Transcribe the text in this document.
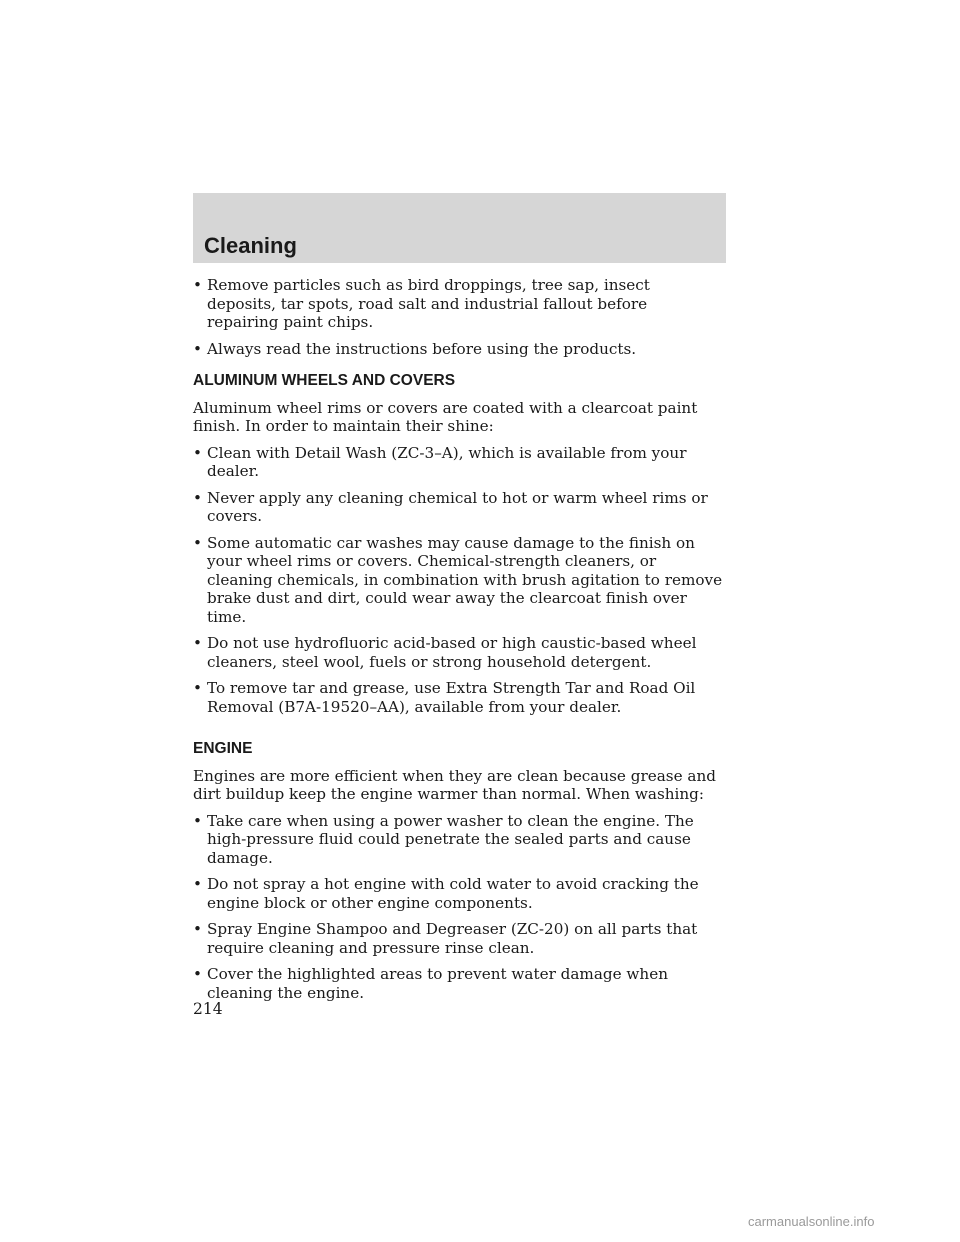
Cleaning
• Remove particles such as bird droppings, tree sap, insect deposits, tar spots, road salt and industrial fallout before repairing paint chips.
• Always read the instructions before using the products.
ALUMINUM WHEELS AND COVERS

Aluminum wheel rims or covers are coated with a clearcoat paint finish. In order to maintain their shine:

• Clean with Detail Wash (ZC-3–A), which is available from your dealer.
• Never apply any cleaning chemical to hot or warm wheel rims or covers.
• Some automatic car washes may cause damage to the finish on your wheel rims or covers. Chemical-strength cleaners, or cleaning chemicals, in combination with brush agitation to remove brake dust and dirt, could wear away the clearcoat finish over time.
• Do not use hydrofluoric acid-based or high caustic-based wheel cleaners, steel wool, fuels or strong household detergent.
• To remove tar and grease, use Extra Strength Tar and Road Oil Removal (B7A-19520–AA), available from your dealer.
ENGINE

Engines are more efficient when they are clean because grease and dirt buildup keep the engine warmer than normal. When washing:

• Take care when using a power washer to clean the engine. The high-pressure fluid could penetrate the sealed parts and cause damage.
• Do not spray a hot engine with cold water to avoid cracking the engine block or other engine components.
• Spray Engine Shampoo and Degreaser (ZC-20) on all parts that require cleaning and pressure rinse clean.
• Cover the highlighted areas to prevent water damage when cleaning the engine.
214
carmanualsonline.info
